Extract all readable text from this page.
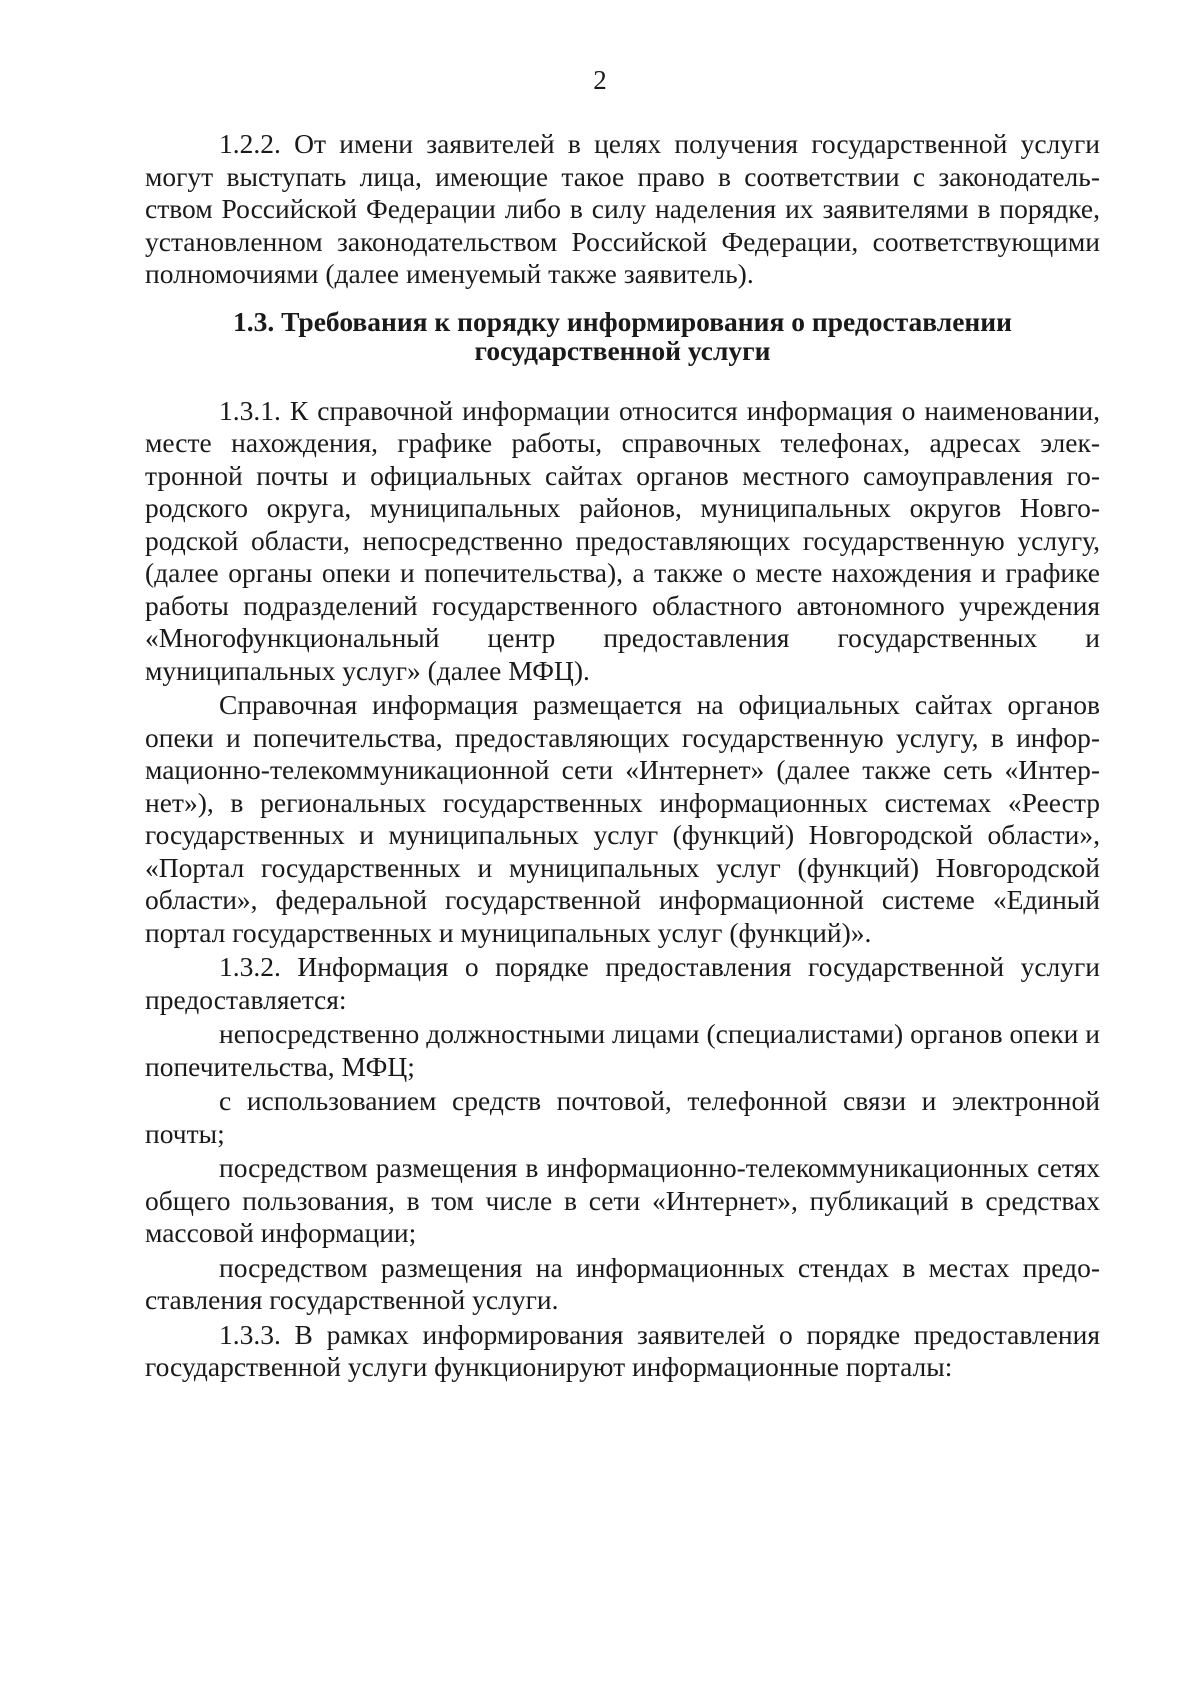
2

1.2.2. От имени заявителей в целях получения государственной услуги могут выступать лица, имеющие такое право в соответствии с законодательством Российской Федерации либо в силу наделения их заявителями в порядке, установленном законодательством Российской Федерации, соответствующими полномочиями (далее именуемый также заявитель).

1.3. Требования к порядку информирования о предоставлении
государственной услуги

1.3.1. К справочной информации относится информация о наименовании, месте нахождения, графике работы, справочных телефонах, адресах электронной почты и официальных сайтах органов местного самоуправления городского округа, муниципальных районов, муниципальных округов Новгородской области, непосредственно предоставляющих государственную услугу, (далее органы опеки и попечительства), а также о месте нахождения и графике работы подразделений государственного областного автономного учреждения «Многофункциональный центр предоставления государственных и муниципальных услуг» (далее МФЦ).

Справочная информация размещается на официальных сайтах органов опеки и попечительства, предоставляющих государственную услугу, в информационно-телекоммуникационной сети «Интернет» (далее также сеть «Интернет»), в региональных государственных информационных системах «Реестр государственных и муниципальных услуг (функций) Новгородской области», «Портал государственных и муниципальных услуг (функций) Новгородской области», федеральной государственной информационной системе «Единый портал государственных и муниципальных услуг (функций)».

1.3.2. Информация о порядке предоставления государственной услуги предоставляется:

непосредственно должностными лицами (специалистами) органов опеки и попечительства, МФЦ;

с использованием средств почтовой, телефонной связи и электронной почты;

посредством размещения в информационно-телекоммуникационных сетях общего пользования, в том числе в сети «Интернет», публикаций в средствах массовой информации;

посредством размещения на информационных стендах в местах предоставления государственной услуги.

1.3.3. В рамках информирования заявителей о порядке предоставления государственной услуги функционируют информационные порталы:
